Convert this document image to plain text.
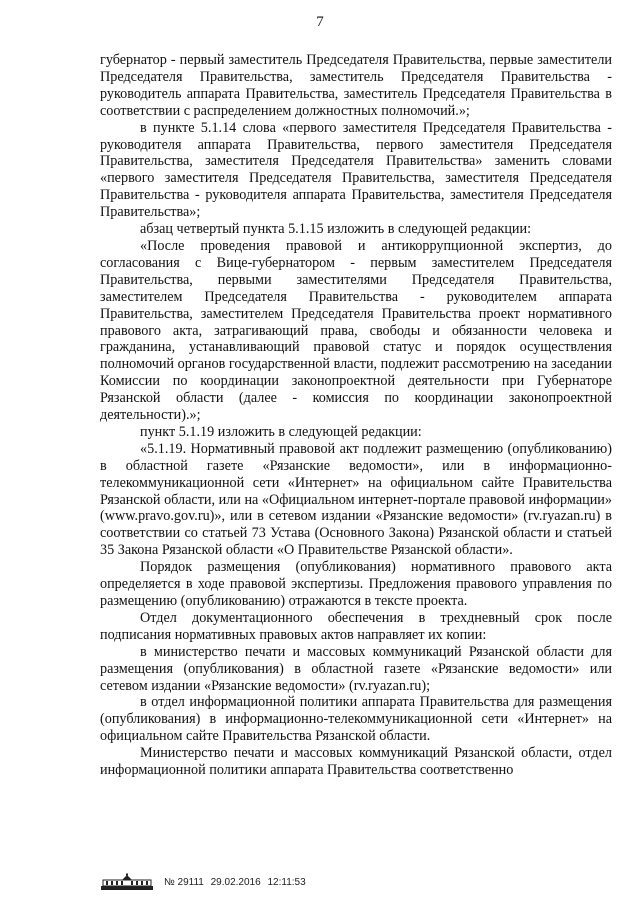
7

губернатор - первый заместитель Председателя Правительства, первые заместители Председателя Правительства, заместитель Председателя Правительства - руководитель аппарата Правительства, заместитель Председателя Правительства в соответствии с распределением должностных полномочий.»;

в пункте 5.1.14 слова «первого заместителя Председателя Правительства - руководителя аппарата Правительства, первого заместителя Председателя Правительства, заместителя Председателя Правительства» заменить словами «первого заместителя Председателя Правительства, заместителя Председателя Правительства - руководителя аппарата Правительства, заместителя Председателя Правительства»;

абзац четвертый пункта 5.1.15 изложить в следующей редакции:

«После проведения правовой и антикоррупционной экспертиз, до согласования с Вице-губернатором - первым заместителем Председателя Правительства, первыми заместителями Председателя Правительства, заместителем Председателя Правительства - руководителем аппарата Правительства, заместителем Председателя Правительства проект нормативного правового акта, затрагивающий права, свободы и обязанности человека и гражданина, устанавливающий правовой статус и порядок осуществления полномочий органов государственной власти, подлежит рассмотрению на заседании Комиссии по координации законопроектной деятельности при Губернаторе Рязанской области (далее - комиссия по координации законопроектной деятельности).»;

пункт 5.1.19 изложить в следующей редакции:

«5.1.19. Нормативный правовой акт подлежит размещению (опубликованию) в областной газете «Рязанские ведомости», или в информационно-телекоммуникационной сети «Интернет» на официальном сайте Правительства Рязанской области, или на «Официальном интернет-портале правовой информации» (www.pravo.gov.ru)», или в сетевом издании «Рязанские ведомости» (rv.ryazan.ru) в соответствии со статьей 73 Устава (Основного Закона) Рязанской области и статьей 35 Закона Рязанской области «О Правительстве Рязанской области».

Порядок размещения (опубликования) нормативного правового акта определяется в ходе правовой экспертизы. Предложения правового управления по размещению (опубликованию) отражаются в тексте проекта.

Отдел документационного обеспечения в трехдневный срок после подписания нормативных правовых актов направляет их копии:

в министерство печати и массовых коммуникаций Рязанской области для размещения (опубликования) в областной газете «Рязанские ведомости» или сетевом издании «Рязанские ведомости» (rv.ryazan.ru);

в отдел информационной политики аппарата Правительства для размещения (опубликования) в информационно-телекоммуникационной сети «Интернет» на официальном сайте Правительства Рязанской области.

Министерство печати и массовых коммуникаций Рязанской области, отдел информационной политики аппарата Правительства соответственно

№ 29111 29.02.2016 12:11:53
